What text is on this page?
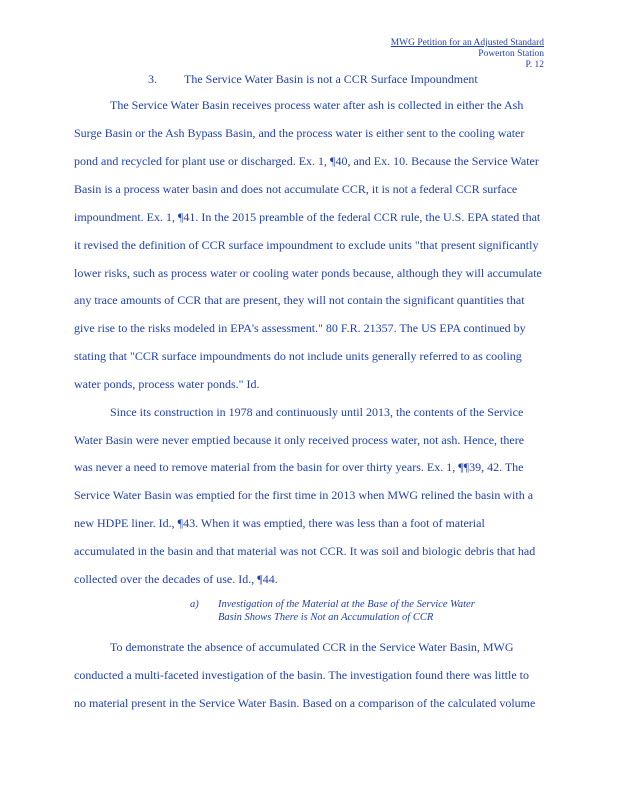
MWG Petition for an Adjusted Standard
Powerton Station
P. 12
3. The Service Water Basin is not a CCR Surface Impoundment
The Service Water Basin receives process water after ash is collected in either the Ash
Surge Basin or the Ash Bypass Basin, and the process water is either sent to the cooling water
pond and recycled for plant use or discharged. Ex. 1, ¶40, and Ex. 10. Because the Service Water
Basin is a process water basin and does not accumulate CCR, it is not a federal CCR surface
impoundment. Ex. 1, ¶41. In the 2015 preamble of the federal CCR rule, the U.S. EPA stated that
it revised the definition of CCR surface impoundment to exclude units "that present significantly
lower risks, such as process water or cooling water ponds because, although they will accumulate
any trace amounts of CCR that are present, they will not contain the significant quantities that
give rise to the risks modeled in EPA's assessment." 80 F.R. 21357. The US EPA continued by
stating that "CCR surface impoundments do not include units generally referred to as cooling
water ponds, process water ponds." Id.
Since its construction in 1978 and continuously until 2013, the contents of the Service
Water Basin were never emptied because it only received process water, not ash. Hence, there
was never a need to remove material from the basin for over thirty years. Ex. 1, ¶¶39, 42. The
Service Water Basin was emptied for the first time in 2013 when MWG relined the basin with a
new HDPE liner. Id., ¶43. When it was emptied, there was less than a foot of material
accumulated in the basin and that material was not CCR. It was soil and biologic debris that had
collected over the decades of use. Id., ¶44.
a) Investigation of the Material at the Base of the Service Water
Basin Shows There is Not an Accumulation of CCR
To demonstrate the absence of accumulated CCR in the Service Water Basin, MWG
conducted a multi-faceted investigation of the basin. The investigation found there was little to
no material present in the Service Water Basin. Based on a comparison of the calculated volume
